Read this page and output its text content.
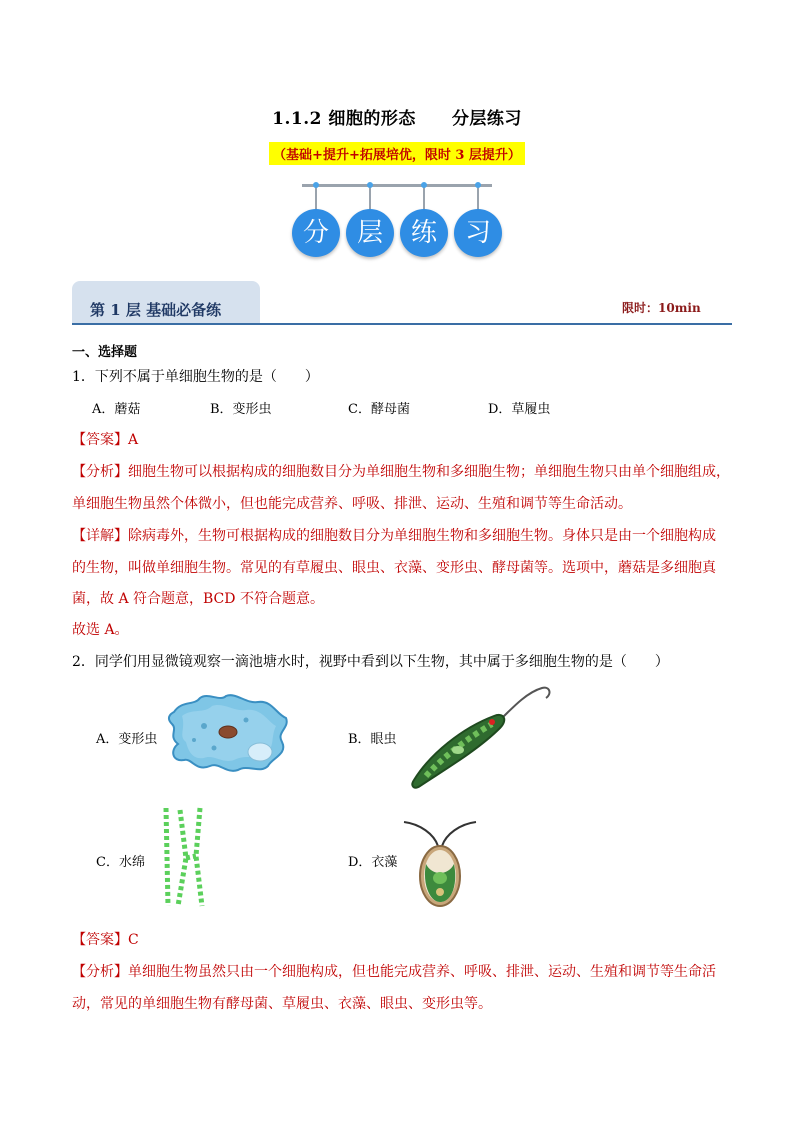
1.1.2 细胞的形态 分层练习
（基础+提升+拓展培优，限时 3 层提升）
分	层	练	习
第 1 层 基础必备练	限时：10min
一、选择题
1．下列不属于单细胞生物的是（　　）
A．蘑菇	B．变形虫	C．酵母菌	D．草履虫
【答案】A
【分析】细胞生物可以根据构成的细胞数目分为单细胞生物和多细胞生物；单细胞生物只由单个细胞组成，
单细胞生物虽然个体微小，但也能完成营养、呼吸、排泄、运动、生殖和调节等生命活动。
【详解】除病毒外，生物可根据构成的细胞数目分为单细胞生物和多细胞生物。身体只是由一个细胞构成
的生物，叫做单细胞生物。常见的有草履虫、眼虫、衣藻、变形虫、酵母菌等。选项中，蘑菇是多细胞真
菌，故 A 符合题意，BCD 不符合题意。
故选 A。
2．同学们用显微镜观察一滴池塘水时，视野中看到以下生物，其中属于多细胞生物的是（　　）
A．变形虫	B．眼虫
C．水绵	D．衣藻
【答案】C
【分析】单细胞生物虽然只由一个细胞构成，但也能完成营养、呼吸、排泄、运动、生殖和调节等生命活
动，常见的单细胞生物有酵母菌、草履虫、衣藻、眼虫、变形虫等。
